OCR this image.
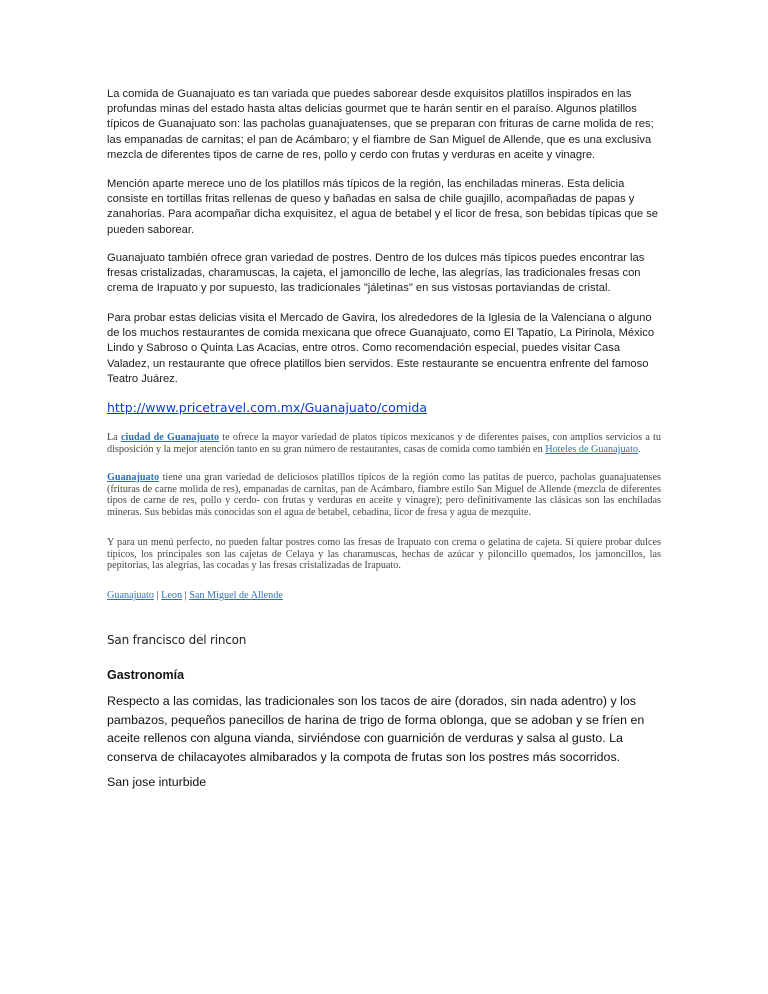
La comida de Guanajuato es tan variada que puedes saborear desde exquisitos platillos inspirados en las profundas minas del estado hasta altas delicias gourmet que te harán sentir en el paraíso. Algunos platillos típicos de Guanajuato son: las pacholas guanajuatenses, que se preparan con frituras de carne molida de res; las empanadas de carnitas; el pan de Acámbaro; y el fiambre de San Miguel de Allende, que es una exclusiva mezcla de diferentes tipos de carne de res, pollo y cerdo con frutas y verduras en aceite y vinagre.

Mención aparte merece uno de los platillos más típicos de la región, las enchiladas mineras. Esta delicia consiste en tortillas fritas rellenas de queso y bañadas en salsa de chile guajillo, acompañadas de papas y zanahorias. Para acompañar dicha exquisitez, el agua de betabel y el licor de fresa, son bebidas típicas que se pueden saborear.

Guanajuato también ofrece gran variedad de postres. Dentro de los dulces más típicos puedes encontrar las fresas cristalizadas, charamuscas, la cajeta, el jamoncillo de leche, las alegrías, las tradicionales fresas con crema de Irapuato y por supuesto, las tradicionales "jáletinas" en sus vistosas portaviandas de cristal.

Para probar estas delicias visita el Mercado de Gavira, los alrededores de la Iglesia de la Valenciana o alguno de los muchos restaurantes de comida mexicana que ofrece Guanajuato, como El Tapatío, La Pirinola, México Lindo y Sabroso o Quinta Las Acacias, entre otros. Como recomendación especial, puedes visitar Casa Valadez, un restaurante que ofrece platillos bien servidos. Este restaurante se encuentra enfrente del famoso Teatro Juárez.

http://www.pricetravel.com.mx/Guanajuato/comida

La ciudad de Guanajuato te ofrece la mayor variedad de platos típicos mexicanos y de diferentes países, con amplios servicios a tu disposición y la mejor atención tanto en su gran número de restaurantes, casas de comida como también en Hoteles de Guanajuato.

Guanajuato tiene una gran variedad de deliciosos platillos típicos de la región como las patitas de puerco, pacholas guanajuatenses (frituras de carne molida de res), empanadas de carnitas, pan de Acámbaro, fiambre estilo San Miguel de Allende (mezcla de diferentes tipos de carne de res, pollo y cerdo- con frutas y verduras en aceite y vinagre); pero definitivamente las clásicas son las enchiladas mineras. Sus bebidas más conocidas son el agua de betabel, cebadina, licor de fresa y agua de mezquite.

Y para un menú perfecto, no pueden faltar postres como las fresas de Irapuato con crema o gelatina de cajeta. Si quiere probar dulces típicos, los principales son las cajetas de Celaya y las charamuscas, hechas de azúcar y piloncillo quemados, los jamoncillos, las pepitorias, las alegrías, las cocadas y las fresas cristalizadas de Irapuato.

Guanajuato | Leon | San Miguel de Allende
San francisco del rincon
Gastronomía

Respecto a las comidas, las tradicionales son los tacos de aire (dorados, sin nada adentro) y los pambazos, pequeños panecillos de harina de trigo de forma oblonga, que se adoban y se fríen en aceite rellenos con alguna vianda, sirviéndose con guarnición de verduras y salsa al gusto. La conserva de chilacayotes almibarados y la compota de frutas son los postres más socorridos.

San jose inturbide
